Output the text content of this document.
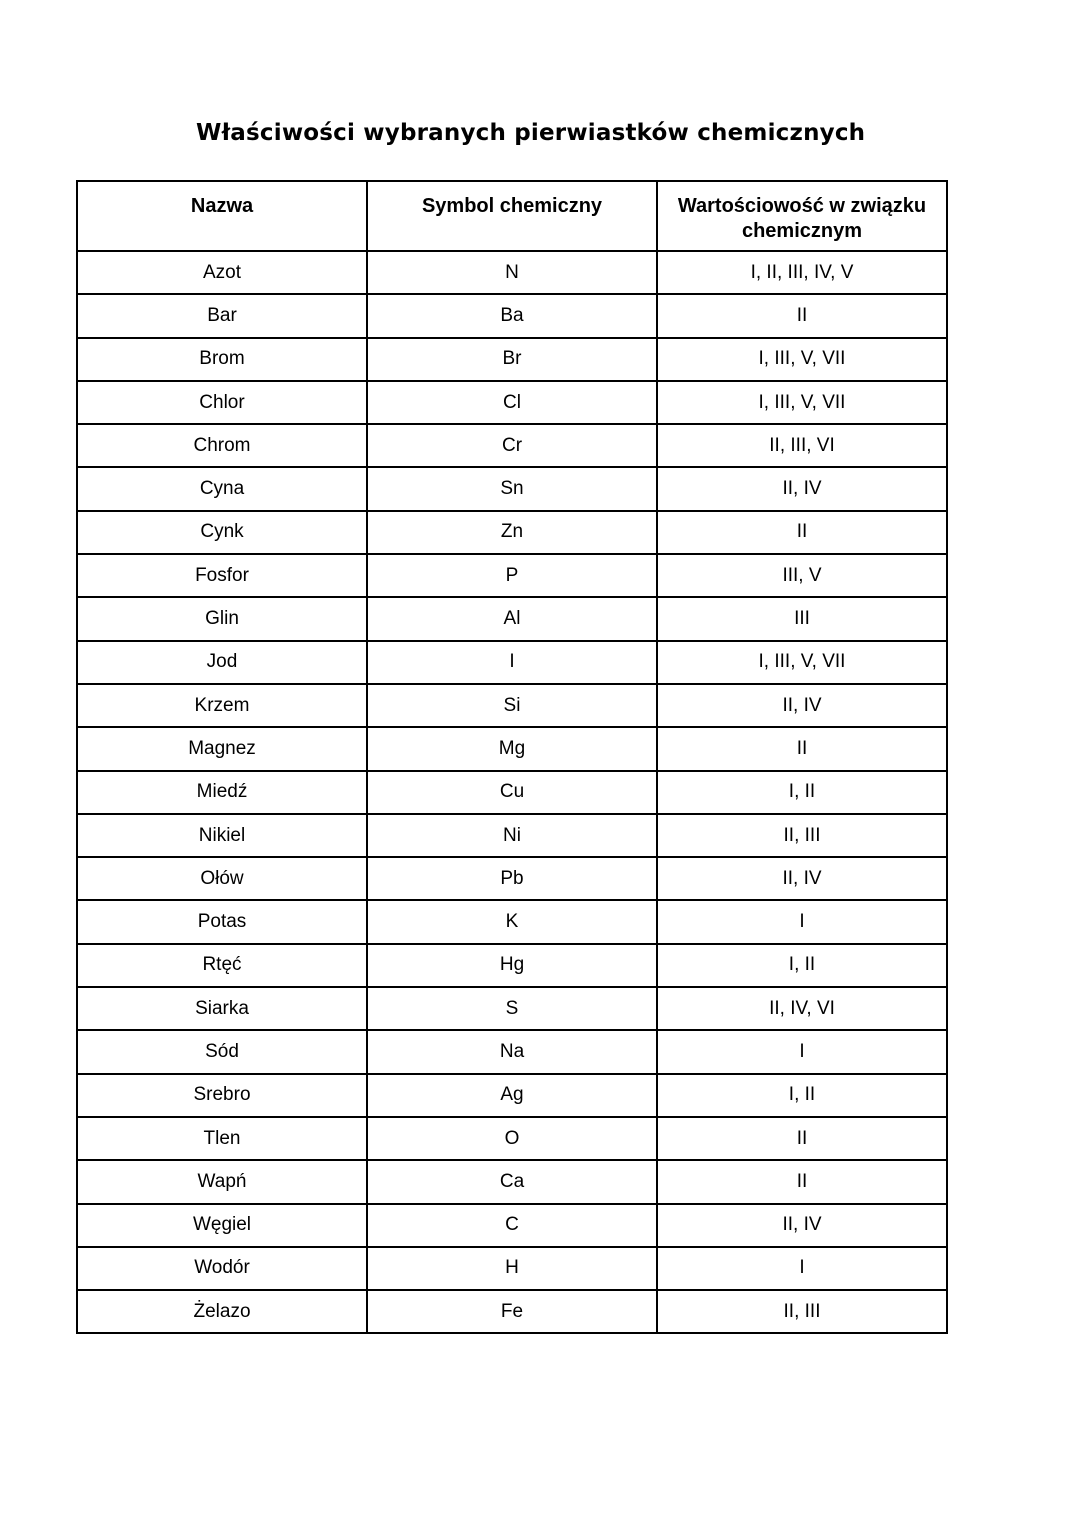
Właściwości wybranych pierwiastków chemicznych
Nazwa	Symbol chemiczny	Wartościowość w związku chemicznym
Azot	N	I, II, III, IV, V
Bar	Ba	II
Brom	Br	I, III, V, VII
Chlor	Cl	I, III, V, VII
Chrom	Cr	II, III, VI
Cyna	Sn	II, IV
Cynk	Zn	II
Fosfor	P	III, V
Glin	Al	III
Jod	I	I, III, V, VII
Krzem	Si	II, IV
Magnez	Mg	II
Miedź	Cu	I, II
Nikiel	Ni	II, III
Ołów	Pb	II, IV
Potas	K	I
Rtęć	Hg	I, II
Siarka	S	II, IV, VI
Sód	Na	I
Srebro	Ag	I, II
Tlen	O	II
Wapń	Ca	II
Węgiel	C	II, IV
Wodór	H	I
Żelazo	Fe	II, III
